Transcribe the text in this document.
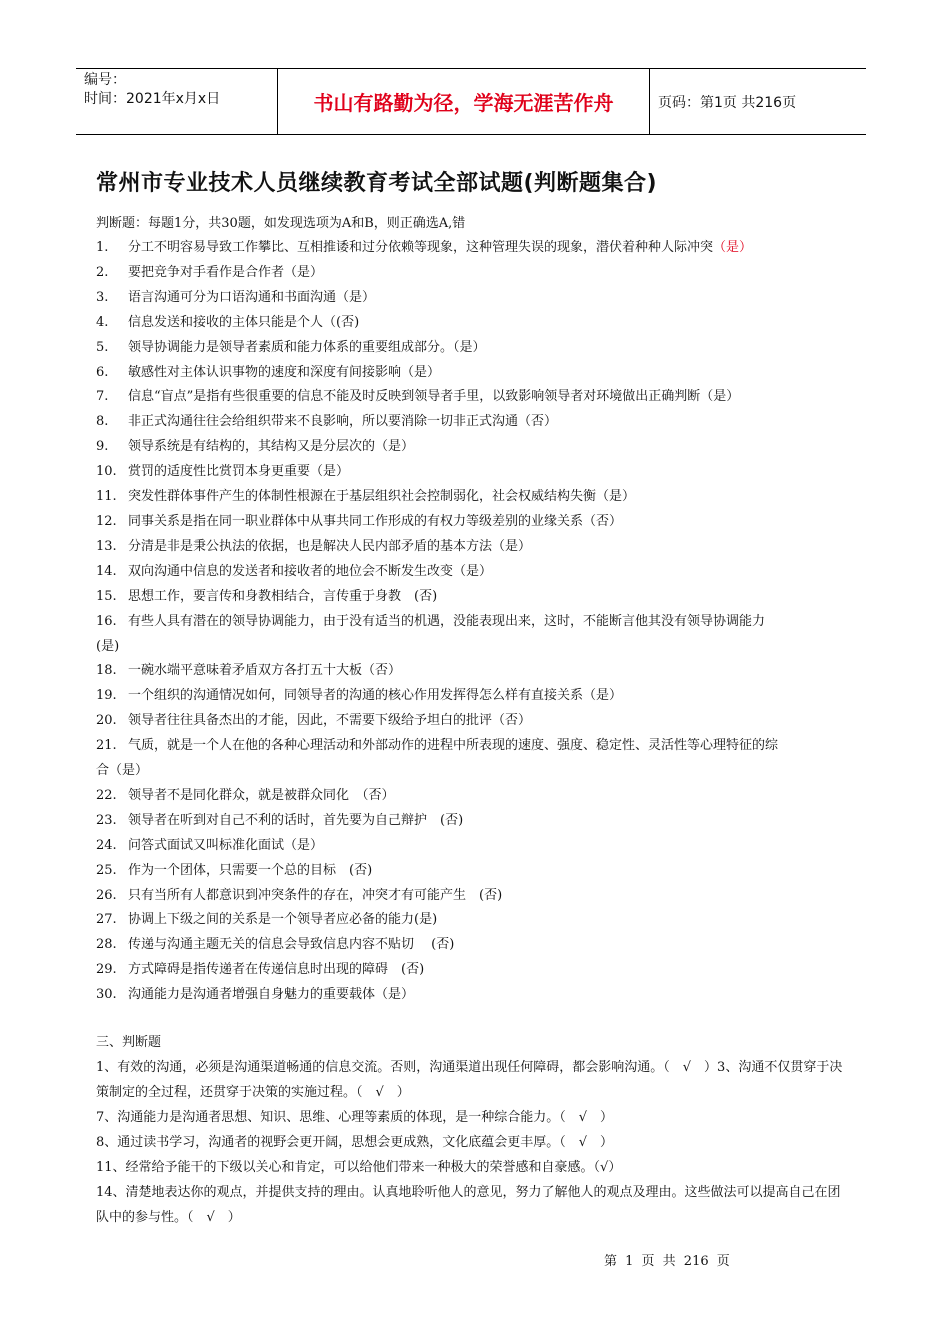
编号：
时间：2021年x月x日	书山有路勤为径，学海无涯苦作舟	页码：第1页 共216页
常州市专业技术人员继续教育考试全部试题(判断题集合)
判断题：每题1分，共30题，如发现选项为A和B，则正确选A,错
1. 分工不明容易导致工作攀比、互相推诿和过分依赖等现象，这种管理失误的现象，潜伏着种种人际冲突（是）
2.	要把竞争对手看作是合作者（是）
3.	语言沟通可分为口语沟通和书面沟通（是）
4.	信息发送和接收的主体只能是个人（(否)
5.	领导协调能力是领导者素质和能力体系的重要组成部分。（是）
6.	敏感性对主体认识事物的速度和深度有间接影响（是）
7.	信息“盲点”是指有些很重要的信息不能及时反映到领导者手里，以致影响领导者对环境做出正确判断（是）
8.	非正式沟通往往会给组织带来不良影响，所以要消除一切非正式沟通（否）
9.	领导系统是有结构的，其结构又是分层次的（是）
10. 赏罚的适度性比赏罚本身更重要（是）
11. 突发性群体事件产生的体制性根源在于基层组织社会控制弱化，社会权威结构失衡（是）
12. 同事关系是指在同一职业群体中从事共同工作形成的有权力等级差别的业缘关系（否）
13. 分清是非是秉公执法的依据，也是解决人民内部矛盾的基本方法（是）
14. 双向沟通中信息的发送者和接收者的地位会不断发生改变（是）
15. 思想工作，要言传和身教相结合，言传重于身教　(否)
16. 有些人具有潜在的领导协调能力，由于没有适当的机遇，没能表现出来，这时，不能断言他其没有领导协调能力
(是)
18. 一碗水端平意味着矛盾双方各打五十大板（否）
19. 一个组织的沟通情况如何，同领导者的沟通的核心作用发挥得怎么样有直接关系（是）
20. 领导者往往具备杰出的才能，因此，不需要下级给予坦白的批评（否）
21. 气质，就是一个人在他的各种心理活动和外部动作的进程中所表现的速度、强度、稳定性、灵活性等心理特征的综
合（是）
22. 领导者不是同化群众，就是被群众同化　（否）
23. 领导者在听到对自己不利的话时，首先要为自己辩护　(否)
24. 问答式面试又叫标准化面试（是）
25. 作为一个团体，只需要一个总的目标　(否)
26. 只有当所有人都意识到冲突条件的存在，冲突才有可能产生　(否)
27. 协调上下级之间的关系是一个领导者应必备的能力(是)
28. 传递与沟通主题无关的信息会导致信息内容不贴切　 (否)
29. 方式障碍是指传递者在传递信息时出现的障碍　(否)
30. 沟通能力是沟通者增强自身魅力的重要载体（是）
三、判断题
1、有效的沟通，必须是沟通渠道畅通的信息交流。否则，沟通渠道出现任何障碍，都会影响沟通。（　√　）3、沟通不仅贯穿于决策制定的全过程，还贯穿于决策的实施过程。（　√　）
7、沟通能力是沟通者思想、知识、思维、心理等素质的体现，是一种综合能力。（　√　）
8、通过读书学习，沟通者的视野会更开阔，思想会更成熟，文化底蕴会更丰厚。（　√　）
11、经常给予能干的下级以关心和肯定，可以给他们带来一种极大的荣誉感和自豪感。（√）
14、清楚地表达你的观点，并提供支持的理由。认真地聆听他人的意见，努力了解他人的观点及理由。这些做法可以提高自己在团队中的参与性。（　√　）
第 1 页 共 216 页
